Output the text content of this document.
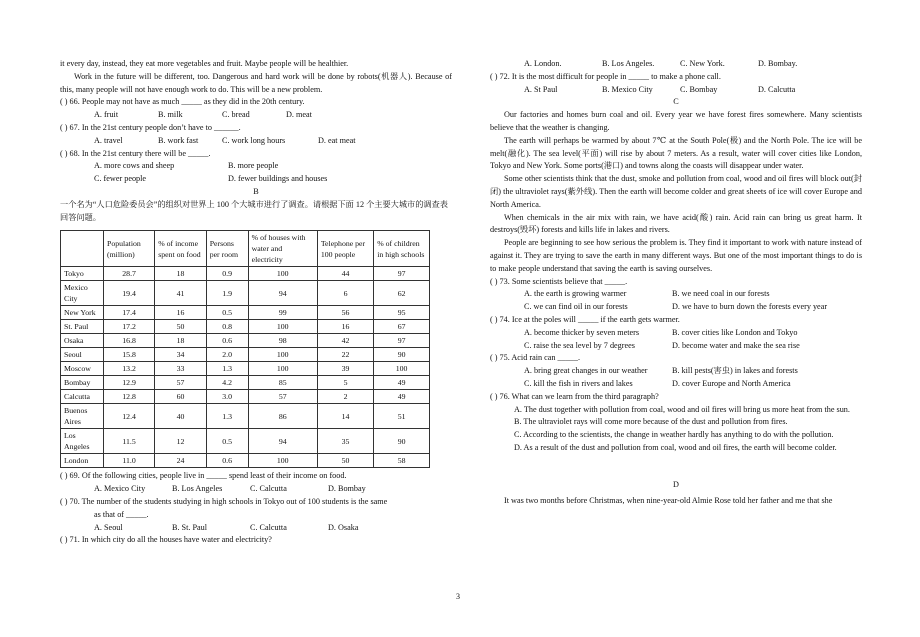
it every day, instead, they eat more vegetables and fruit. Maybe people will be healthier.

Work in the future will be different, too. Dangerous and hard work will be done by robots(机器人). Because of this, many people will not have enough work to do. This will be a new problem.

( ) 66. People may not have as much _____ as they did in the 20th century.

A. fruit	B. milk	C. bread	D. meat

( ) 67. In the 21st century people don’t have to ______.

A. travel	B. work fast	C. work long hours	D. eat meat

( ) 68. In the 21st century there will be _____.

A. more cows and sheep	B. more people
C. fewer people	D. fewer buildings and houses

B

一个名为“人口危险委员会”的组织对世界上 100 个大城市进行了调查。请根据下面 12 个主要大城市的调查表回答问题。

	Population (million)	% of income spent on food	Persons per room	% of houses with water and electricity	Telephone per 100 people	% of children in high schools
Tokyo	28.7	18	0.9	100	44	97
Mexico City	19.4	41	1.9	94	6	62
New York	17.4	16	0.5	99	56	95
St. Paul	17.2	50	0.8	100	16	67
Osaka	16.8	18	0.6	98	42	97
Seoul	15.8	34	2.0	100	22	90
Moscow	13.2	33	1.3	100	39	100
Bombay	12.9	57	4.2	85	5	49
Calcutta	12.8	60	3.0	57	2	49
Buenos Aires	12.4	40	1.3	86	14	51
Los Angeles	11.5	12	0.5	94	35	90
London	11.0	24	0.6	100	50	58

( ) 69. Of the following cities, people live in _____ spend least of their income on food.

A. Mexico City	B. Los Angeles	C. Calcutta	D. Bombay

( ) 70. The number of the students studying in high schools in Tokyo out of 100 students is the same

as that of _____.

A. Seoul	B. St. Paul	C. Calcutta	D. Osaka

( ) 71. In which city do all the houses have water and electricity?

A. London.	B. Los Angeles.	C. New York.	D. Bombay.

( ) 72. It is the most difficult for people in _____ to make a phone call.

A. St Paul	B. Mexico City	C. Bombay	D. Calcutta

C

Our factories and homes burn coal and oil. Every year we have forest fires somewhere. Many scientists believe that the weather is changing.

The earth will perhaps be warmed by about 7℃ at the South Pole(极) and the North Pole. The ice will be melt(融化). The sea level(平面) will rise by about 7 meters. As a result, water will cover cities like London, Tokyo and New York. Some ports(港口) and towns along the coasts will disappear under water.

Some other scientists think that the dust, smoke and pollution from coal, wood and oil fires will block out(封闭) the ultraviolet rays(紫外线). Then the earth will become colder and great sheets of ice will cover Europe and North America.

When chemicals in the air mix with rain, we have acid(酸) rain. Acid rain can bring us great harm. It destroys(毁坏) forests and kills life in lakes and rivers.

People are beginning to see how serious the problem is. They find it important to work with nature instead of against it. They are trying to save the earth in many different ways. But one of the most important things to do is to make people understand that saving the earth is saving ourselves.

( ) 73. Some scientists believe that _____.

A. the earth is growing warmer	B. we need coal in our forests
C. we can find oil in our forests	D. we have to burn down the forests every year

( ) 74. Ice at the poles will _____ if the earth gets warmer.

A. become thicker by seven meters	B. cover cities like London and Tokyo
C. raise the sea level by 7 degrees	D. become water and make the sea rise

( ) 75. Acid rain can _____.

A. bring great changes in our weather	B. kill pests(害虫) in lakes and forests
C. kill the fish in rivers and lakes	D. cover Europe and North America

( ) 76. What can we learn from the third paragraph?

A. The dust together with pollution from coal, wood and oil fires will bring us more heat from the sun.

B. The ultraviolet rays will come more because of the dust and pollution from fires.

C. According to the scientists, the change in weather hardly has anything to do with the pollution.

D. As a result of the dust and pollution from coal, wood and oil fires, the earth will become colder.

D

It was two months before Christmas, when nine-year-old Almie Rose told her father and me that she

3
